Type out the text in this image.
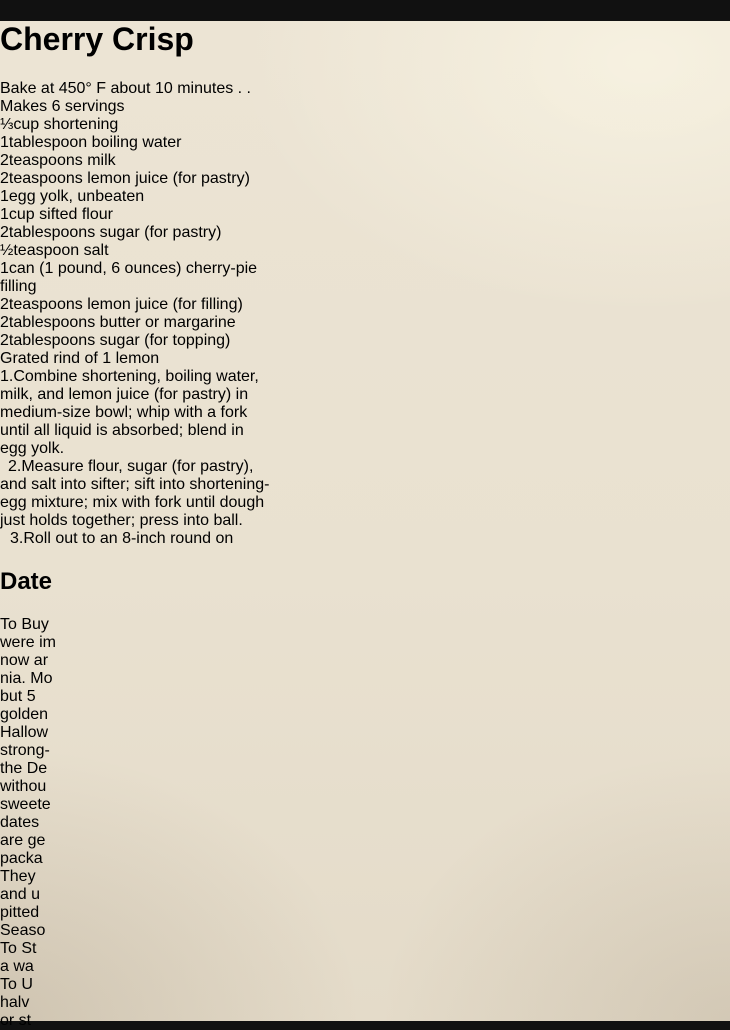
Cherry Crisp
Bake at 450° F about 10 minutes . .
Makes 6 servings
⅓cup shortening
1tablespoon boiling water
2teaspoons milk
2teaspoons lemon juice (for pastry)
1egg yolk, unbeaten
1cup sifted flour
2tablespoons sugar (for pastry)
½teaspoon salt
1can (1 pound, 6 ounces) cherry-pie
filling
2teaspoons lemon juice (for filling)
2tablespoons butter or margarine
2tablespoons sugar (for topping)
Grated rind of 1 lemon
1.Combine shortening, boiling water,
milk, and lemon juice (for pastry) in
medium-size bowl; whip with a fork
until all liquid is absorbed; blend in
egg yolk.
2.Measure flour, sugar (for pastry),
and salt into sifter; sift into shortening-
egg mixture; mix with fork until dough
just holds together; press into ball.
3.Roll out to an 8-inch round on
Date
To Buy
were im
now ar
nia. Mo
but 5
golden
Hallow
strong-
the De
withou
sweete
dates
are ge
packa
They
and u
pitted
Seaso
To St
a wa
To U
halv
or st
